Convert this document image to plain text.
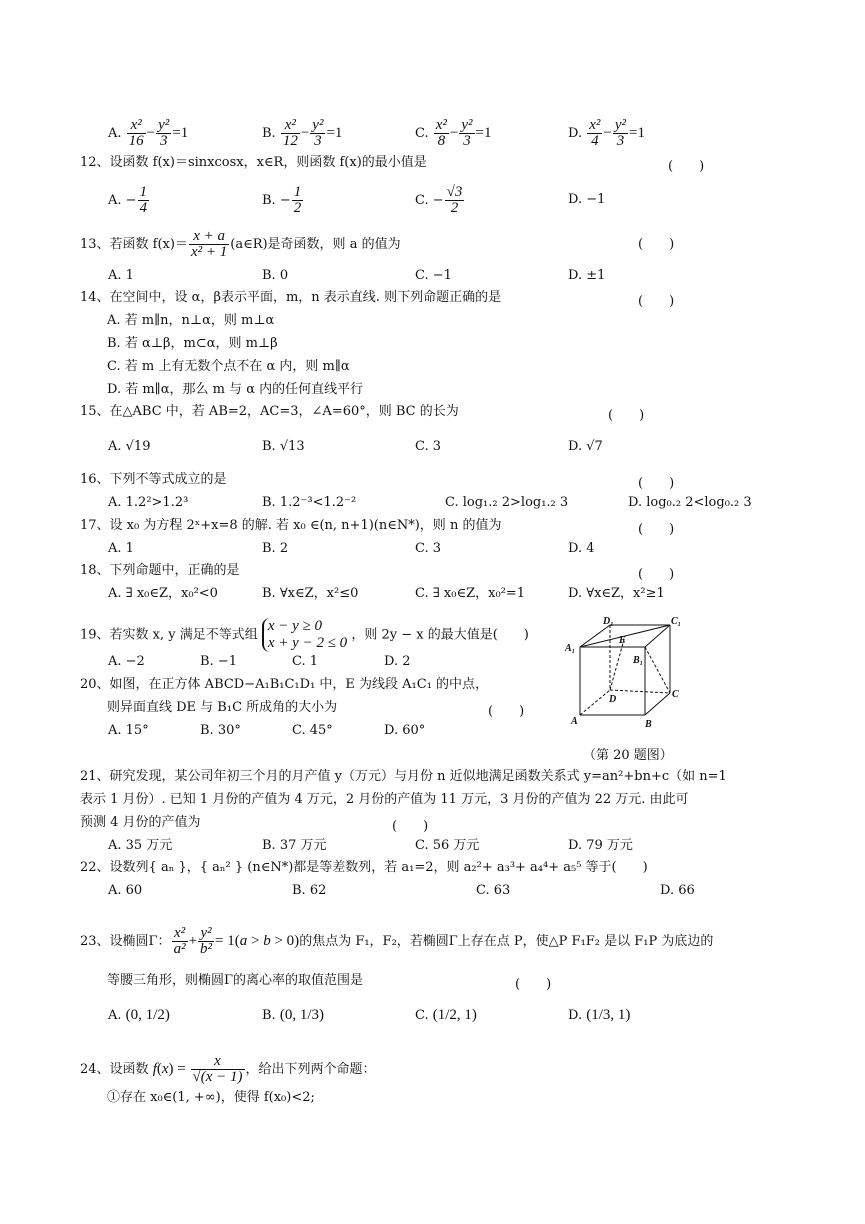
A. $\frac{\text{x²}}{16} - \frac{\text{y²}}{3} =1$	B. $\frac{\text{x²}}{12} - \frac{\text{y²}}{3} =1$	C. $\frac{\text{x²}}{8} - \frac{\text{y²}}{3} =1$	D. $\frac{\text{x²}}{4} - \frac{\text{y²}}{3} =1$
12、设函数 f(x)＝sinxcosx，x∈R，则函数 f(x)的最小值是	(　　)
A. − $\frac{1}{4}$	B. − $\frac{1}{2}$	C. − $\frac{√3}{2}$	D. −1
13、若函数 $f(x)= \frac{x + a}{\text{x² + 1}}$ (a∈R)是奇函数，则 a 的值为	(　　)
A. 1	B. 0	C. −1	D. ±1
14、在空间中，设 α，β表示平面，m，n 表示直线. 则下列命题正确的是	(　　)
A. 若 m∥n，n⊥α，则 m⊥α
B. 若 α⊥β，m⊂α，则 m⊥β
C. 若 m 上有无数个点不在 α 内，则 m∥α
D. 若 m∥α，那么 m 与 α 内的任何直线平行
15、在△ABC 中，若 AB=2，AC=3，∠A=60°，则 BC 的长为	(　　)
A. √19	B. √13	C. 3	D. √7
16、下列不等式成立的是	(　　)
A. 1.2²>1.2³	B. 1.2⁻³<1.2⁻²	C. log₁.₂ 2>log₁.₂ 3	D. log₀.₂ 2<log₀.₂ 3
17、设 x₀ 为方程 2ˣ+x=8 的解. 若 x₀ ∈(n, n+1)(n∈N*)，则 n 的值为	(　　)
A. 1	B. 2	C. 3	D. 4
18、下列命题中，正确的是	(　　)
A. ∃ x₀∈Z，x₀²<0	B. ∀x∈Z，x²≤0	C. ∃ x₀∈Z，x₀²=1	D. ∀x∈Z，x²≥1
19、若实数 x, y 满足不等式组
x − y ≥ 0
x + y − 2 ≤ 0 ，则 2y − x 的最大值是(　　)
A. −2	B. −1	C. 1	D. 2
20、如图，在正方体 ABCD−A₁B₁C₁D₁ 中，E 为线段 A₁C₁ 的中点，
则异面直线 DE 与 B₁C 所成角的大小为	(　　)
A. 15°	B. 30°	C. 45°	D. 60°
D₁	C₁
A₁
B₁
E
D	C
A	B
（第 20 题图）
21、研究发现，某公司年初三个月的月产值 y（万元）与月份 n 近似地满足函数关系式 y=an²+bn+c（如 n=1
表示 1 月份）. 已知 1 月份的产值为 4 万元，2 月份的产值为 11 万元，3 月份的产值为 22 万元. 由此可
预测 4 月份的产值为	(　　)
A. 35 万元	B. 37 万元	C. 56 万元	D. 79 万元
22、设数列{ aₙ }，{ aₙ² } (n∈N*)都是等差数列，若 a₁=2，则 a₂²+ a₃³+ a₄⁴+ a₅⁵ 等于(　　)
A. 60	B. 62	C. 63	D. 66
23、设椭圆Γ： $\frac{\text{x²}}{\text{a²}} + \frac{\text{y²}}{\text{b²}} = 1(a > b > 0)$的焦点为 F₁，F₂，若椭圆Γ上存在点 P，使△P F₁F₂ 是以 F₁P 为底边的
等腰三角形，则椭圆Γ的离心率的取值范围是	(　　)
A. (0, 1/2)	B. (0, 1/3)	C. (1/2, 1)	D. (1/3, 1)
24、设函数 $f(x) = \frac{x}{√(x - 1)}$ ，给出下列两个命题：
①存在 x₀∈(1, +∞)，使得 f(x₀)<2;
